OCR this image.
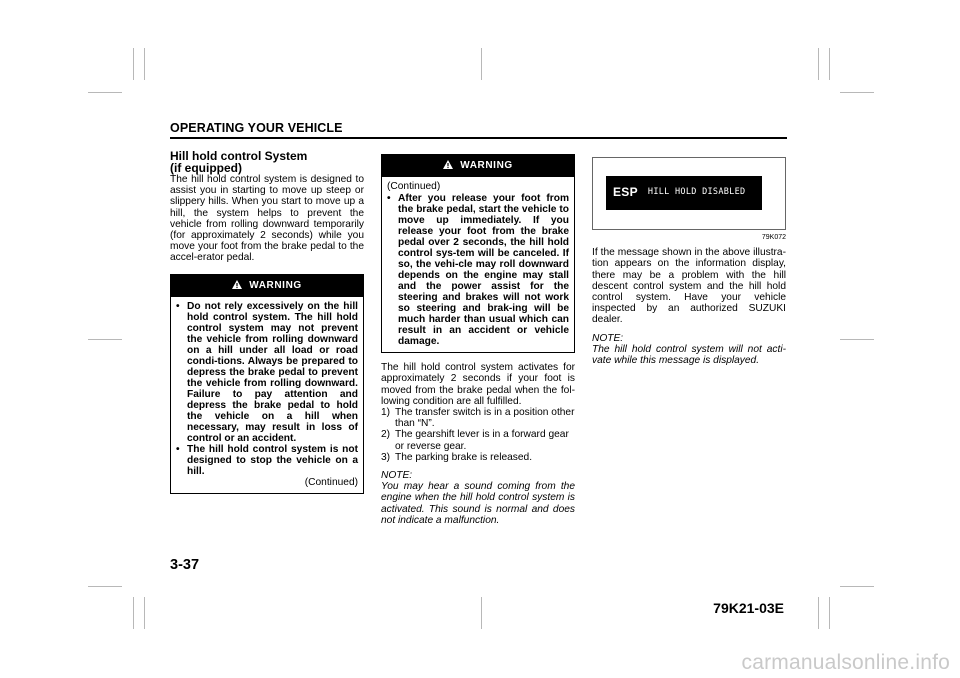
OPERATING YOUR VEHICLE
Hill hold control System
(if equipped)

The hill hold control system is designed to assist you in starting to move up steep or slippery hills. When you start to move up a hill, the system helps to prevent the vehicle from rolling downward temporarily (for approximately 2 seconds) while you move your foot from the brake pedal to the accel-erator pedal.

WARNING
• Do not rely excessively on the hill hold control system. The hill hold control system may not prevent the vehicle from rolling downward on a hill under all load or road condi-tions. Always be prepared to depress the brake pedal to prevent the vehicle from rolling downward. Failure to pay attention and depress the brake pedal to hold the vehicle on a hill when necessary, may result in loss of control or an accident.
• The hill hold control system is not designed to stop the vehicle on a hill.
(Continued)
WARNING
(Continued)
• After you release your foot from the brake pedal, start the vehicle to move up immediately. If you release your foot from the brake pedal over 2 seconds, the hill hold control sys-tem will be canceled. If so, the vehi-cle may roll downward depends on the engine may stall and the power assist for the steering and brakes will not work so steering and brak-ing will be much harder than usual which can result in an accident or vehicle damage.

The hill hold control system activates for approximately 2 seconds if your foot is moved from the brake pedal when the fol-lowing condition are all fulfilled.

1) The transfer switch is in a position other than “N”.
2) The gearshift lever is in a forward gear or reverse gear.
3) The parking brake is released.
NOTE:

You may hear a sound coming from the engine when the hill hold control system is activated. This sound is normal and does not indicate a malfunction.

ESP HILL HOLD DISABLED
79K072

If the message shown in the above illustra-tion appears on the information display, there may be a problem with the hill descent control system and the hill hold control system. Have your vehicle inspected by an authorized SUZUKI dealer.

NOTE:

The hill hold control system will not acti-vate while this message is displayed.

3-37
79K21-03E
carmanualsonline.info
